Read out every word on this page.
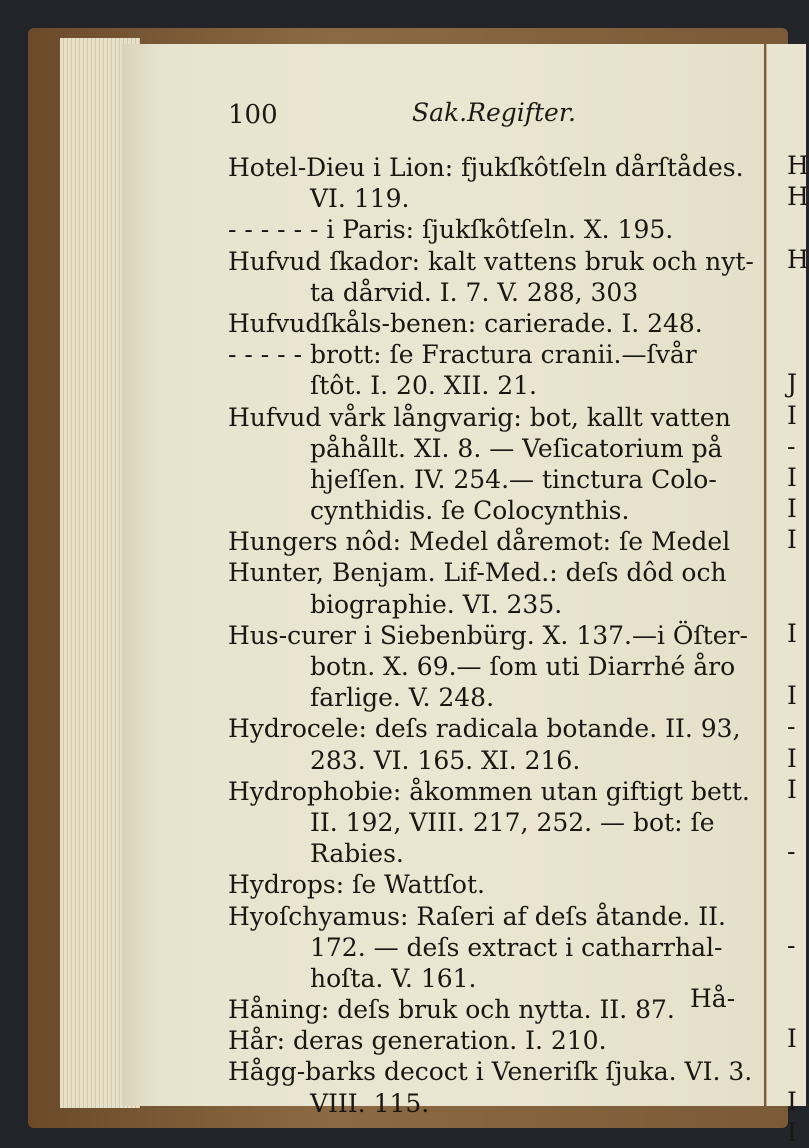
100	Sak.Regifter.
Hotel-Dieu i Lion: fjukſkôtſeln dårſtådes.
VI. 119.
- - - - - - i Paris: ſjukſkôtſeln. X. 195.
Hufvud ſkador: kalt vattens bruk och nyt-
ta dårvid. I. 7. V. 288, 303
Hufvudſkåls-benen: carierade. I. 248.
- - - - - brott: ſe Fractura cranii.—ſvår
ſtôt. I. 20. XII. 21.
Hufvud vårk långvarig: bot, kallt vatten
påhållt. XI. 8. — Veſicatorium på
hjeſſen. IV. 254.— tinctura Colo-
cynthidis. ſe Colocynthis.
Hungers nôd: Medel dåremot: ſe Medel
Hunter, Benjam. Lif-Med.: deſs dôd och
biographie. VI. 235.
Hus-curer i Siebenbürg. X. 137.—i Öſter-
botn. X. 69.— ſom uti Diarrhé åro
farlige. V. 248.
Hydrocele: deſs radicala botande. II. 93,
283. VI. 165. XI. 216.
Hydrophobie: åkommen utan giftigt bett.
II. 192, VIII. 217, 252. — bot: ſe
Rabies.
Hydrops: ſe Wattſot.
Hyoſchyamus: Raſeri af deſs åtande. II.
172. — deſs extract i catharrhal-
hoſta. V. 161.
Håning: deſs bruk och nytta. II. 87.
Hår: deras generation. I. 210.
Hågg-barks decoct i Veneriſk ſjuka. VI. 3.
VIII. 115.
Hå-
H
H
H
J
I
-
I
I
I
I
I
-
I
I
-
-
I
I
I
